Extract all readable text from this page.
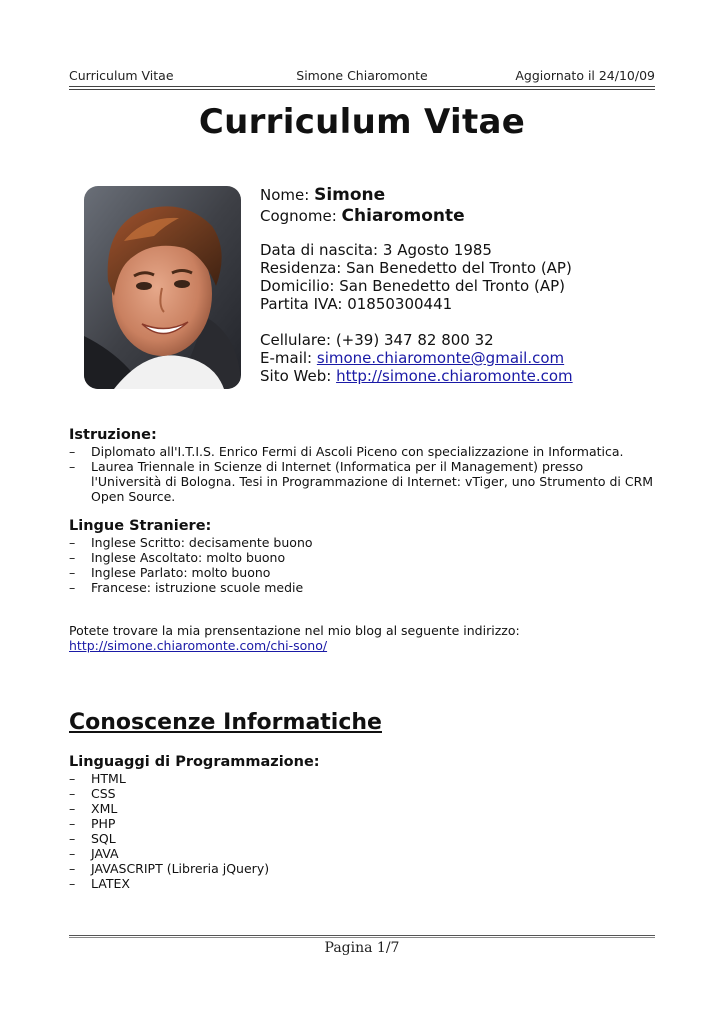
Curriculum Vitae	Simone Chiaromonte	Aggiornato il 24/10/09
Curriculum Vitae
Nome: Simone
Cognome: Chiaromonte
Data di nascita: 3 Agosto 1985
Residenza: San Benedetto del Tronto (AP)
Domicilio: San Benedetto del Tronto (AP)
Partita IVA: 01850300441
Cellulare: (+39) 347 82 800 32
E-mail: simone.chiaromonte@gmail.com
Sito Web: http://simone.chiaromonte.com
Istruzione:
– Diplomato all'I.T.I.S. Enrico Fermi di Ascoli Piceno con specializzazione in Informatica.
– Laurea Triennale in Scienze di Internet (Informatica per il Management) presso l'Università di Bologna. Tesi in Programmazione di Internet: vTiger, uno Strumento di CRM Open Source.
Lingue Straniere:
– Inglese Scritto: decisamente buono
– Inglese Ascoltato: molto buono
– Inglese Parlato: molto buono
– Francese: istruzione scuole medie
Potete trovare la mia prensentazione nel mio blog al seguente indirizzo:
http://simone.chiaromonte.com/chi-sono/
Conoscenze Informatiche
Linguaggi di Programmazione:
– HTML
– CSS
– XML
– PHP
– SQL
– JAVA
– JAVASCRIPT (Libreria jQuery)
– LATEX
Pagina 1/7
